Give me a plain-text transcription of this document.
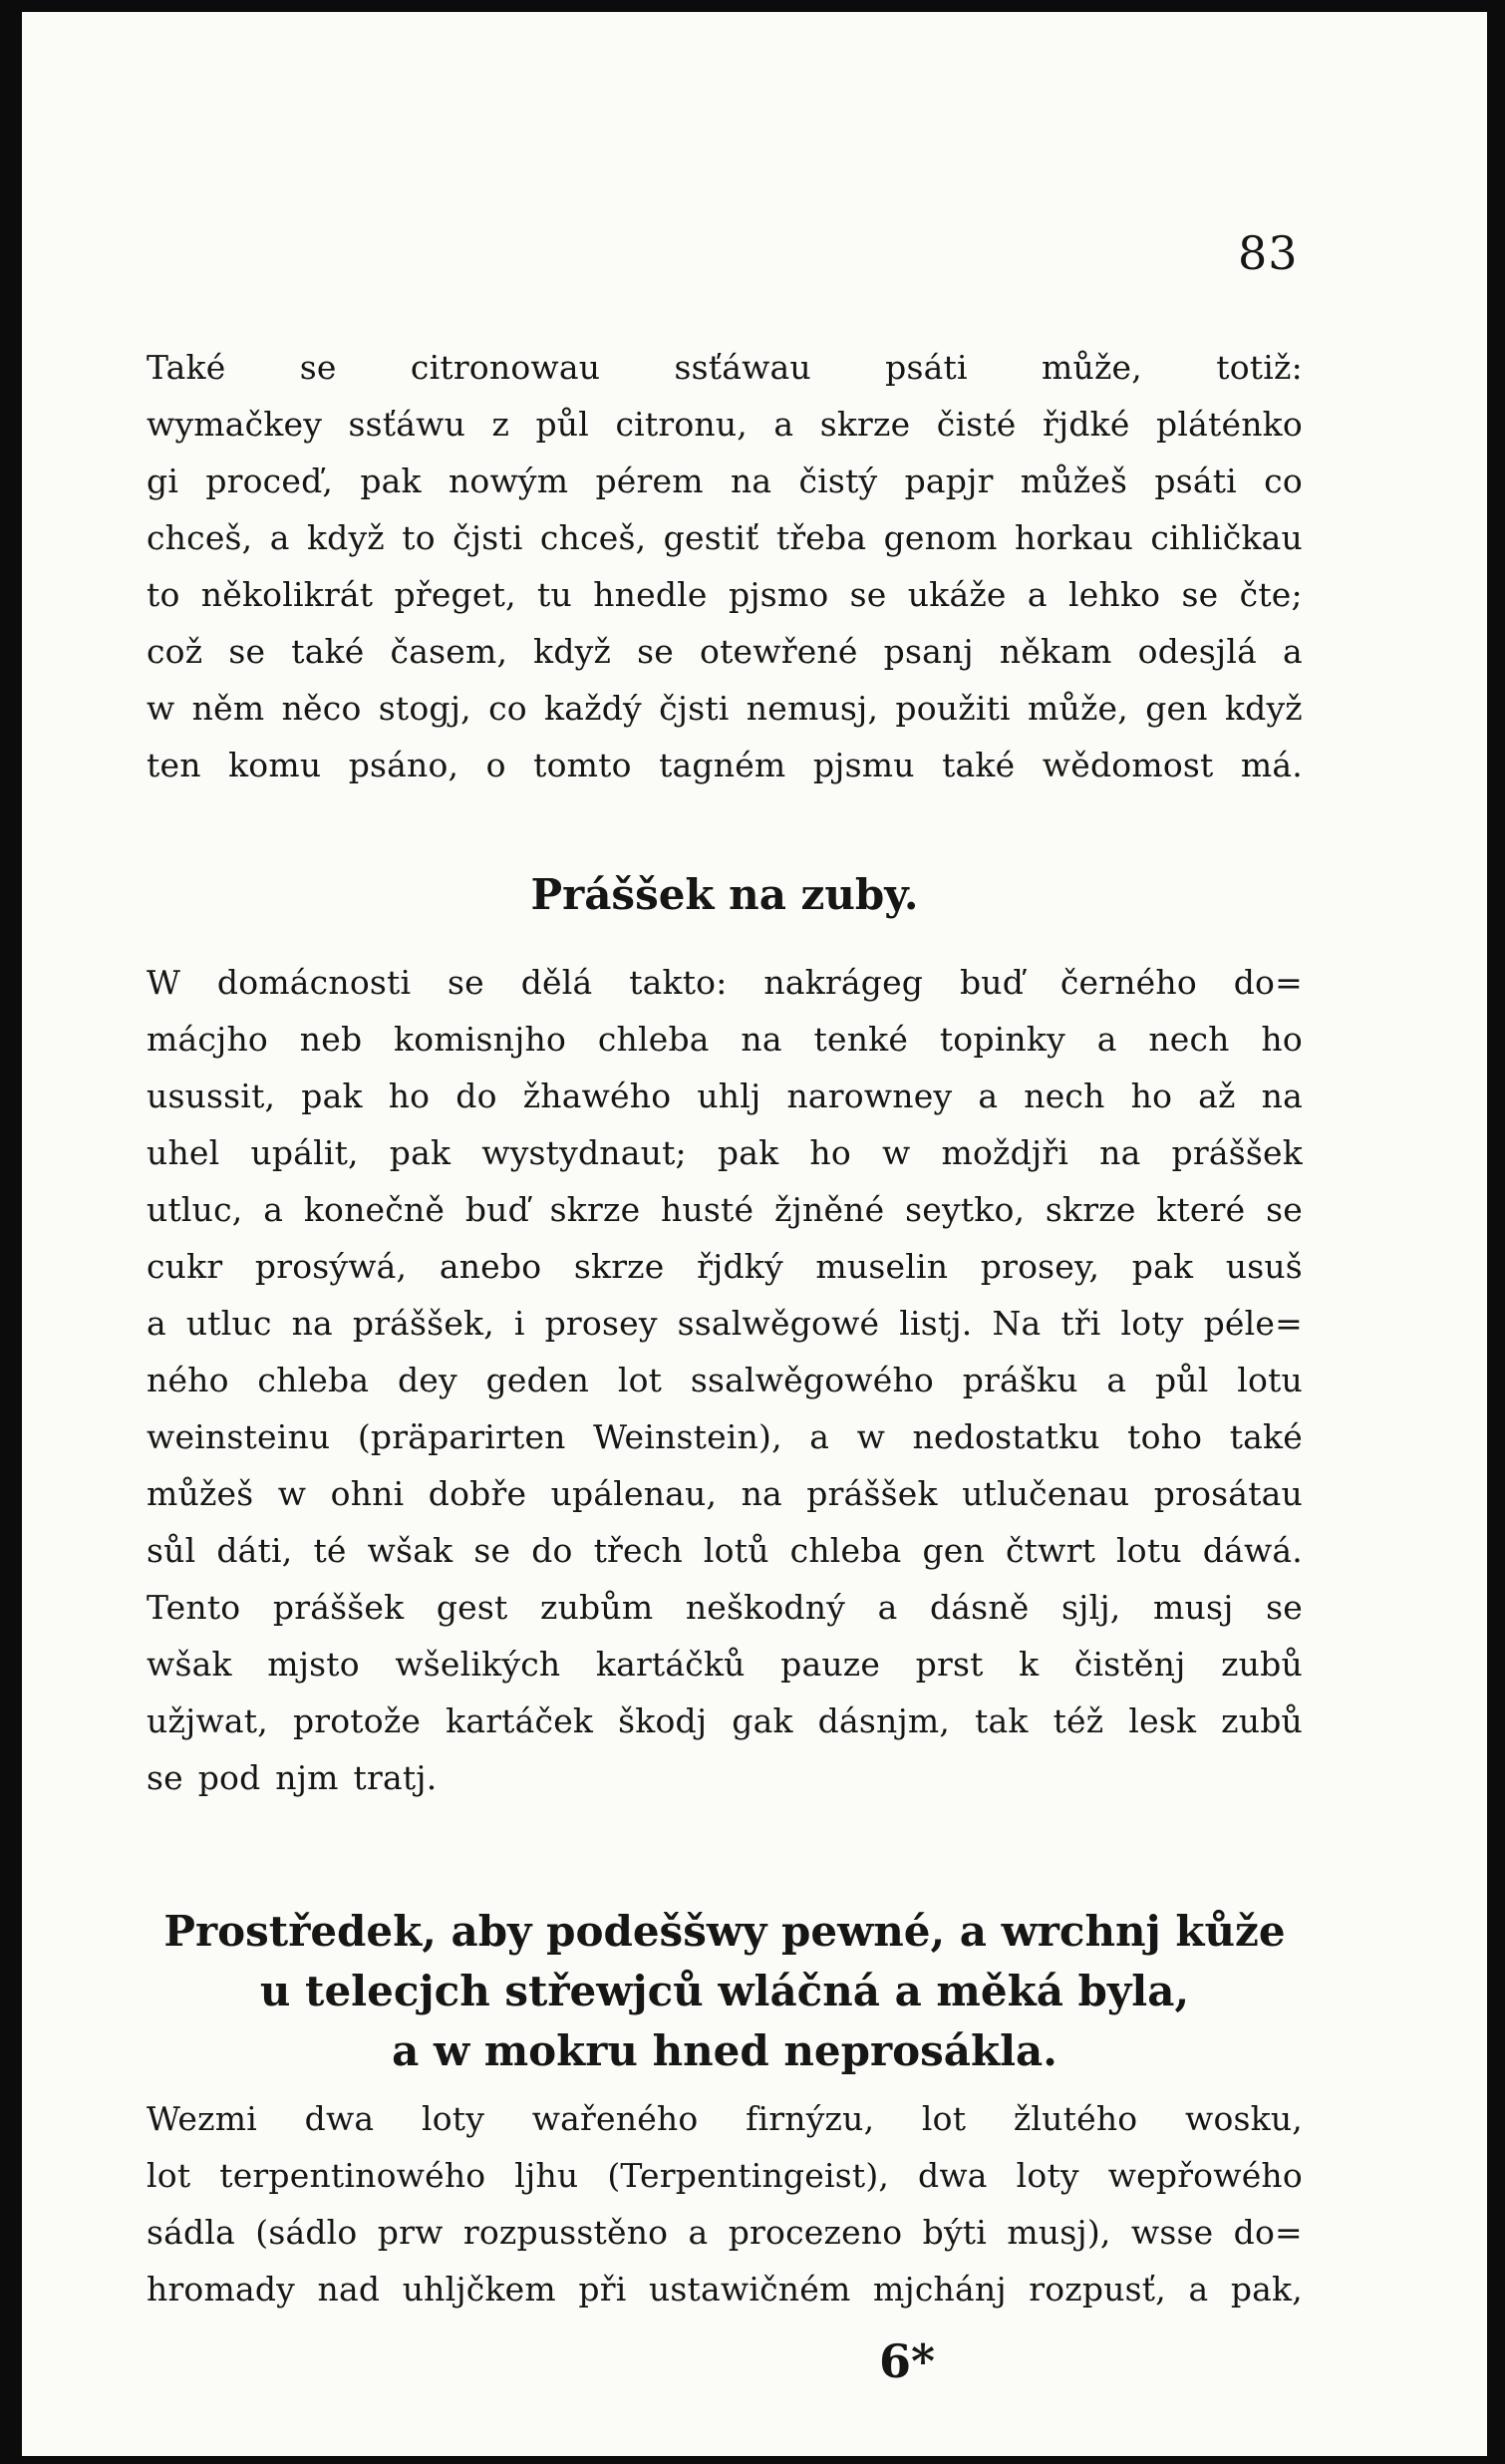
83
Také se citronowau ssťáwau psáti může, totiž:
wymačkey ssťáwu z půl citronu, a skrze čisté řjdké pláténko
gi proceď, pak nowým pérem na čistý papjr můžeš psáti co
chceš, a když to čjsti chceš, gestiť třeba genom horkau cihličkau
to několikrát přeget, tu hnedle pjsmo se ukáže a lehko se čte;
což se také časem, když se otewřené psanj někam odesjlá a
w něm něco stogj, co každý čjsti nemusj, použiti může, gen když
ten komu psáno, o tomto tagném pjsmu také wědomost má.
Práššek na zuby.
W domácnosti se dělá takto: nakrágeg buď černého do=
mácjho neb komisnjho chleba na tenké topinky a nech ho
usussit, pak ho do žhawého uhlj narowney a nech ho až na
uhel upálit, pak wystydnaut; pak ho w moždjři na práššek
utluc, a konečně buď skrze husté žjněné seytko, skrze které se
cukr prosýwá, anebo skrze řjdký muselin prosey, pak usuš
a utluc na práššek, i prosey ssalwěgowé listj. Na tři loty péle=
ného chleba dey geden lot ssalwěgowého prášku a půl lotu
weinsteinu (präparirten Weinstein), a w nedostatku toho také
můžeš w ohni dobře upálenau, na práššek utlučenau prosátau
sůl dáti, té wšak se do třech lotů chleba gen čtwrt lotu dáwá.
Tento práššek gest zubům neškodný a dásně sjlj, musj se
wšak mjsto wšelikých kartáčků pauze prst k čistěnj zubů
užjwat, protože kartáček škodj gak dásnjm, tak též lesk zubů
se pod njm tratj.
Prostředek, aby podeššwy pewné, a wrchnj kůže
u telecjch střewjců wláčná a měká byla,
a w mokru hned neprosákla.
Wezmi dwa loty wařeného firnýzu, lot žlutého wosku,
lot terpentinowého ljhu (Terpentingeist), dwa loty wepřowého
sádla (sádlo prw rozpusstěno a procezeno býti musj), wsse do=
hromady nad uhljčkem při ustawičném mjchánj rozpusť, a pak,
6*
